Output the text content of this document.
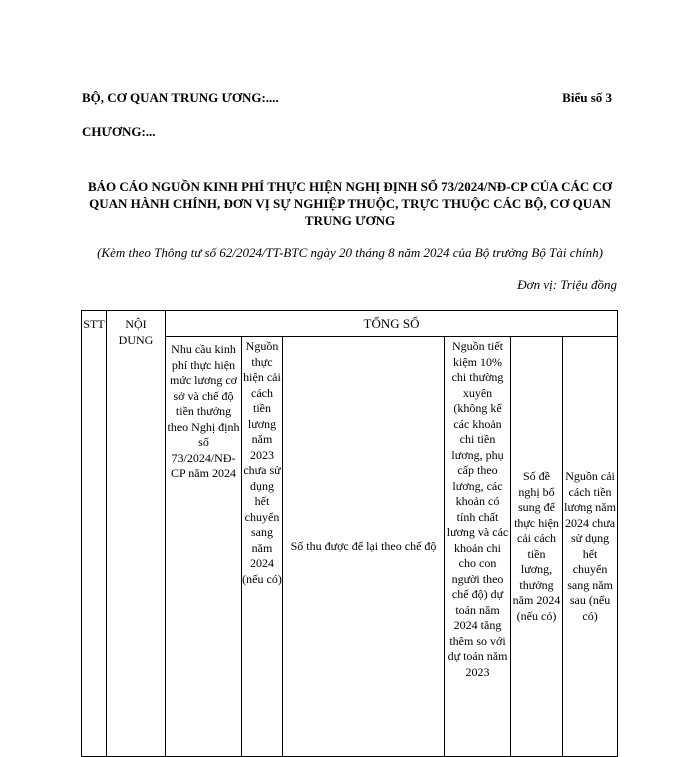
BỘ, CƠ QUAN TRUNG ƯƠNG:....	Biểu số 3
CHƯƠNG:...
BÁO CÁO NGUỒN KINH PHÍ THỰC HIỆN NGHỊ ĐỊNH SỐ 73/2024/NĐ-CP CỦA CÁC CƠ QUAN HÀNH CHÍNH, ĐƠN VỊ SỰ NGHIỆP THUỘC, TRỰC THUỘC CÁC BỘ, CƠ QUAN TRUNG ƯƠNG
(Kèm theo Thông tư số 62/2024/TT-BTC ngày 20 tháng 8 năm 2024 của Bộ trưởng Bộ Tài chính)
Đơn vị: Triệu đồng
STT	NỘI DUNG	TỔNG SỐ					

		Nhu cầu kinh phí thực hiện mức lương cơ sở và chế độ tiền thưởng theo Nghị định số 73/2024/NĐ-CP năm 2024	Nguồn thực hiện cải cách tiền lương năm 2023 chưa sử dụng hết chuyển sang năm 2024 (nếu có)	Số thu được để lại theo chế độ	Nguồn tiết kiệm 10% chi thường xuyên (không kể các khoản chi tiền lương, phụ cấp theo lương, các khoản có tính chất lương và các khoản chi cho con người theo chế độ) dự toán năm 2024 tăng thêm so với dự toán năm 2023	Số đề nghị bổ sung để thực hiện cải cách tiền lương, thưởng năm 2024 (nếu có)	Nguồn cải cách tiền lương năm 2024 chưa sử dụng hết chuyển sang năm sau (nếu có)
